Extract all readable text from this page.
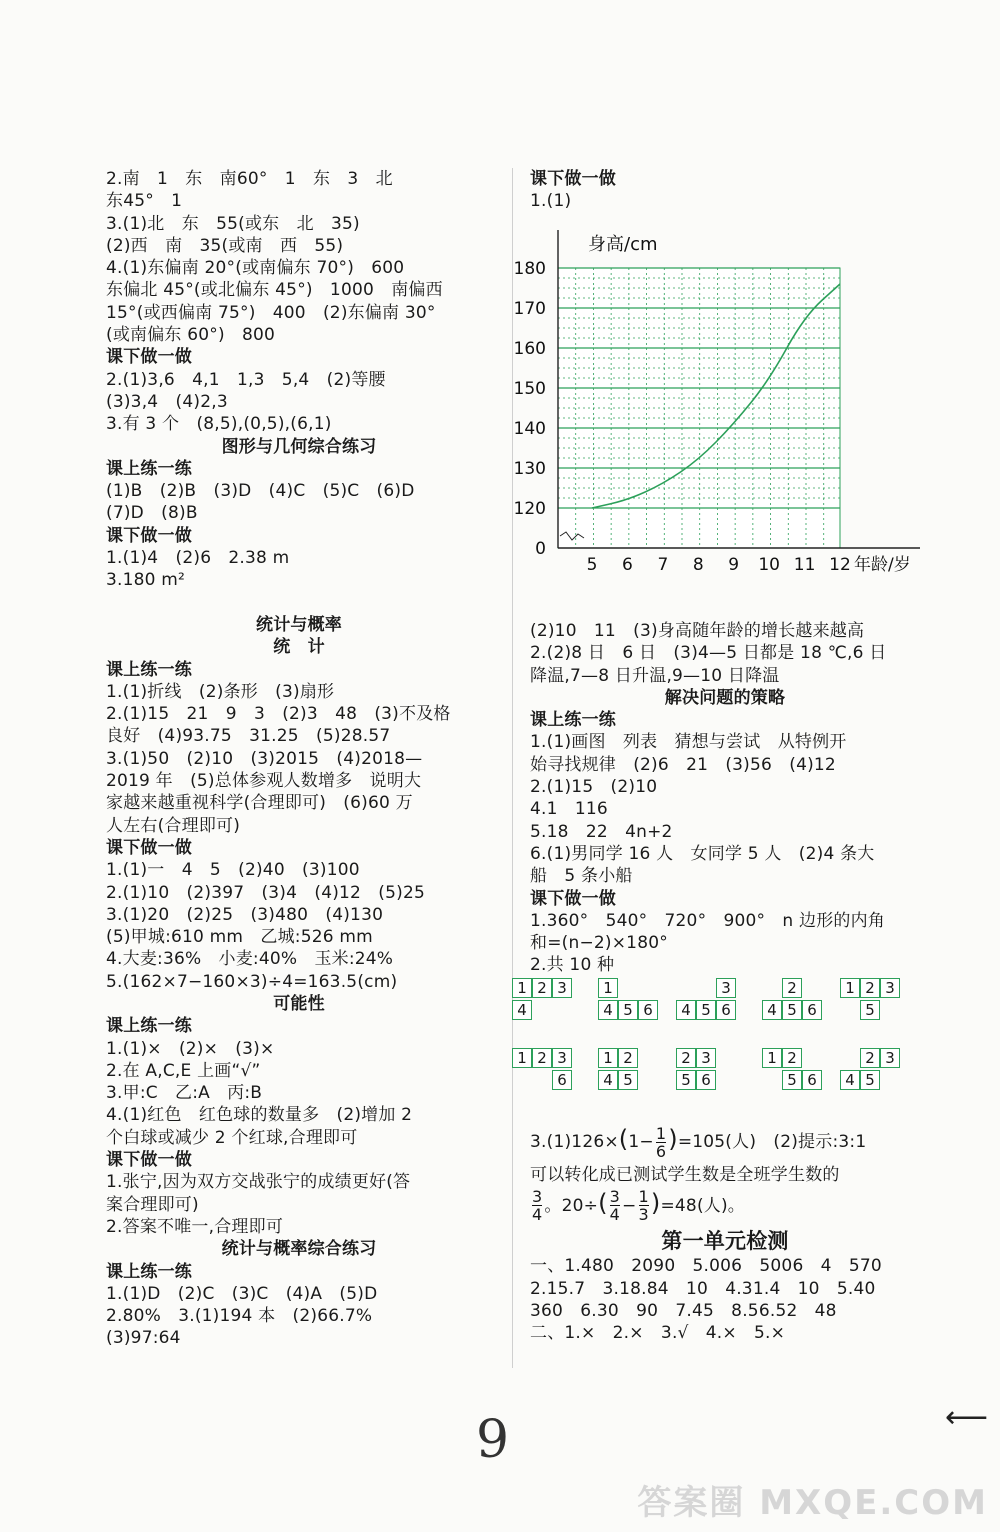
2.南　1　东　南60°　1　东　3　北
东45°　1
3.(1)北　东　55(或东　北　35)
(2)西　南　35(或南　西　55)
4.(1)东偏南 20°(或南偏东 70°)　600
东偏北 45°(或北偏东 45°)　1000　南偏西
15°(或西偏南 75°)　400　(2)东偏南 30°
(或南偏东 60°)　800
课下做一做
2.(1)3,6　4,1　1,3　5,4　(2)等腰
(3)3,4　(4)2,3
3.有 3 个　(8,5),(0,5),(6,1)
图形与几何综合练习
课上练一练
(1)B　(2)B　(3)D　(4)C　(5)C　(6)D
(7)D　(8)B
课下做一做
1.(1)4　(2)6　2.38 m
3.180 m²

统计与概率
统　计
课上练一练
1.(1)折线　(2)条形　(3)扇形
2.(1)15　21　9　3　(2)3　48　(3)不及格
良好　(4)93.75　31.25　(5)28.57
3.(1)50　(2)10　(3)2015　(4)2018—
2019 年　(5)总体参观人数增多　说明大
家越来越重视科学(合理即可)　(6)60 万
人左右(合理即可)
课下做一做
1.(1)一　4　5　(2)40　(3)100
2.(1)10　(2)397　(3)4　(4)12　(5)25
3.(1)20　(2)25　(3)480　(4)130
(5)甲城:610 mm　乙城:526 mm
4.大麦:36%　小麦:40%　玉米:24%
5.(162×7−160×3)÷4=163.5(cm)
可能性
课上练一练
1.(1)×　(2)×　(3)×
2.在 A,C,E 上画“√”
3.甲:C　乙:A　丙:B
4.(1)红色　红色球的数量多　(2)增加 2
个白球或减少 2 个红球,合理即可
课下做一做
1.张宁,因为双方交战张宁的成绩更好(答
案合理即可)
2.答案不唯一,合理即可
统计与概率综合练习
课上练一练
1.(1)D　(2)C　(3)C　(4)A　(5)D
2.80%　3.(1)194 本　(2)66.7%
(3)97:64
课下做一做
1.(1)
身高/cm
0
120
130
140
150
160
170
180
5 6 7 8 9 10 11 12 年龄/岁
(2)10　11　(3)身高随年龄的增长越来越高
2.(2)8 日　6 日　(3)4—5 日都是 18 ℃,6 日
降温,7—8 日升温,9—10 日降温
解决问题的策略
课上练一练
1.(1)画图　列表　猜想与尝试　从特例开
始寻找规律　(2)6　21　(3)56　(4)12
2.(1)15　(2)10
4.1　116
5.18　22　4n+2
6.(1)男同学 16 人　女同学 5 人　(2)4 条大
船　5 条小船
课下做一做
1.360°　540°　720°　900°　n 边形的内角
和=(n−2)×180°
2.共 10 种
1 2 3
4
1
4 5 6
3
4 5 6
2
4 5 6
1 2 3
5
1 2 3
6
1 2
4 5
2 3
5 6
1 2
5 6
2 3
4 5
$3.(1)126\times(1- \frac{1}{6} )=105$(人)　(2)提示:3:1
可以转化成已测试学生数是全班学生数的
$\frac{3}{4}$ 。$20\div( \frac{3}{4} - \frac{1}{3} )=48$(人)。
第一单元检测
一、1.480　2090　5.006　5006　4　570
2.15.7　3.18.84　10　4.31.4　10　5.40
360　6.30　90　7.45　8.56.52　48
二、1.×　2.×　3.√　4.×　5.×
⟵
9
答案圈 MXQE.COM
